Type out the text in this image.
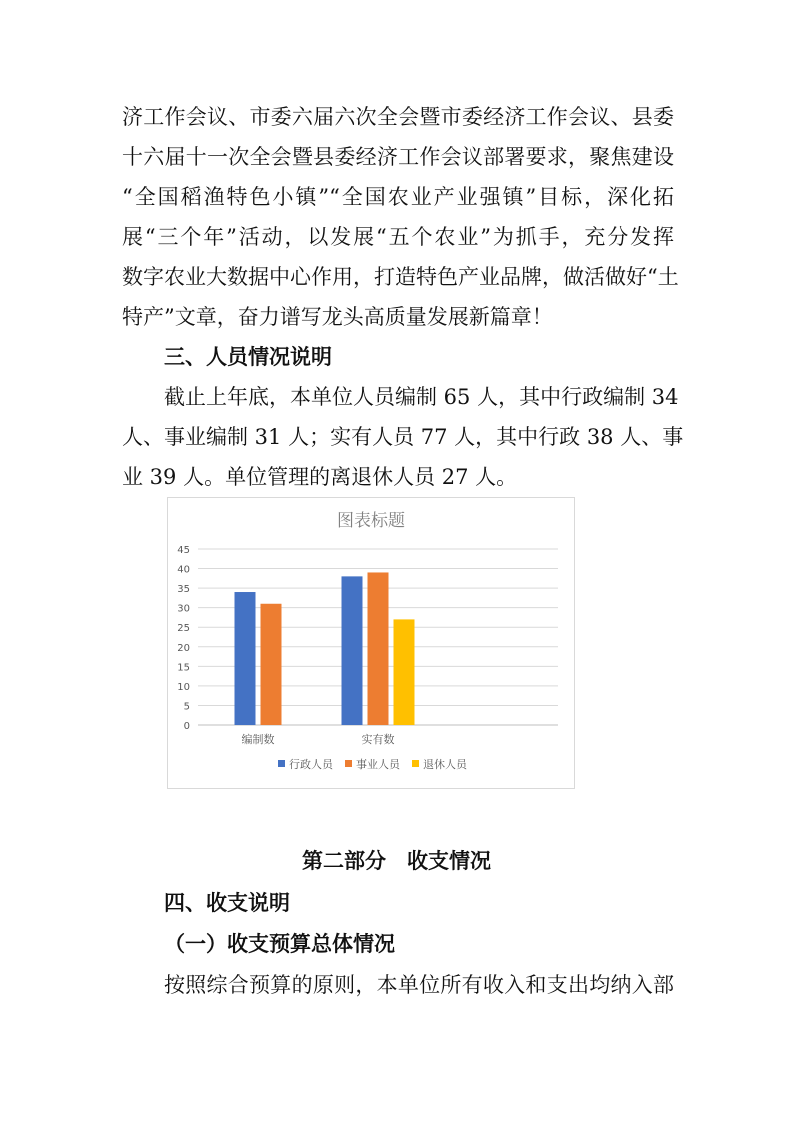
济工作会议、市委六届六次全会暨市委经济工作会议、县委
十六届十一次全会暨县委经济工作会议部署要求，聚焦建设
“全国稻渔特色小镇”“全国农业产业强镇”目标，深化拓
展“三个年”活动，以发展“五个农业”为抓手，充分发挥
数字农业大数据中心作用，打造特色产业品牌，做活做好“土
特产”文章，奋力谱写龙头高质量发展新篇章！
三、人员情况说明
截止上年底，本单位人员编制 65 人，其中行政编制 34
人、事业编制 31 人；实有人员 77 人，其中行政 38 人、事
业 39 人。单位管理的离退休人员 27 人。
图表标题
0
5
10
15
20
25
30
35
40
45
编制数	实有数
行政人员 事业人员 退休人员
第二部分　收支情况
四、收支说明
（一）收支预算总体情况
按照综合预算的原则，本单位所有收入和支出均纳入部
